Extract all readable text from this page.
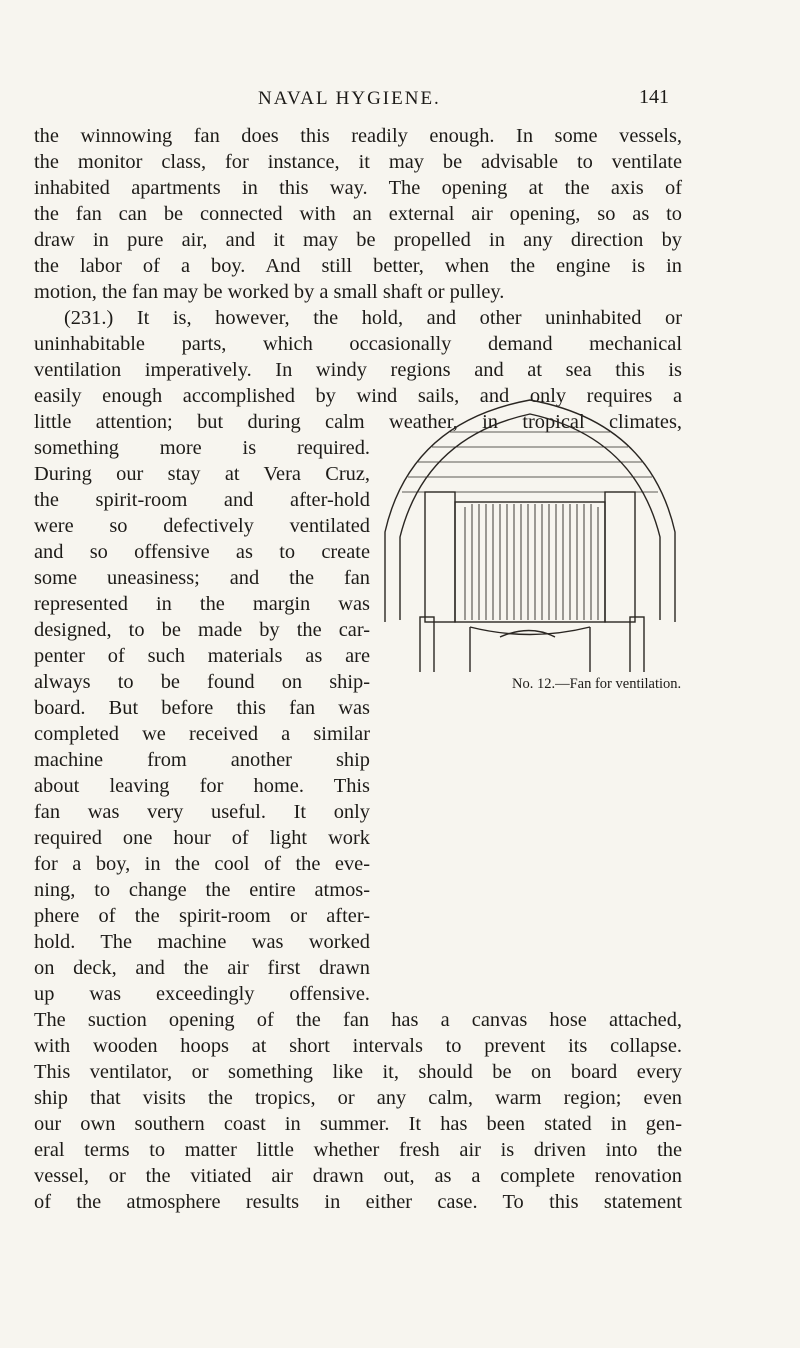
NAVAL HYGIENE.	141
the winnowing fan does this readily enough. In some vessels,
the monitor class, for instance, it may be advisable to ventilate
inhabited apartments in this way. The opening at the axis of
the fan can be connected with an external air opening, so as to
draw in pure air, and it may be propelled in any direction by
the labor of a boy. And still better, when the engine is in
motion, the fan may be worked by a small shaft or pulley.
(231.) It is, however, the hold, and other uninhabited or
uninhabitable parts, which occasionally demand mechanical
ventilation imperatively. In windy regions and at sea this is
easily enough accomplished by wind sails, and only requires a
little attention; but during calm weather, in tropical climates,
something more is required.
During our stay at Vera Cruz,
the spirit-room and after-hold
were so defectively ventilated
and so offensive as to create
some uneasiness; and the fan
represented in the margin was
designed, to be made by the car-
penter of such materials as are
always to be found on ship-
board. But before this fan was
completed we received a similar
machine from another ship
about leaving for home. This
fan was very useful. It only
required one hour of light work
for a boy, in the cool of the eve-
ning, to change the entire atmos-
phere of the spirit-room or after-
hold. The machine was worked
on deck, and the air first drawn
up was exceedingly offensive.
No. 12.—Fan for ventilation.
The suction opening of the fan has a canvas hose attached,
with wooden hoops at short intervals to prevent its collapse.
This ventilator, or something like it, should be on board every
ship that visits the tropics, or any calm, warm region; even
our own southern coast in summer. It has been stated in gen-
eral terms to matter little whether fresh air is driven into the
vessel, or the vitiated air drawn out, as a complete renovation
of the atmosphere results in either case. To this statement
